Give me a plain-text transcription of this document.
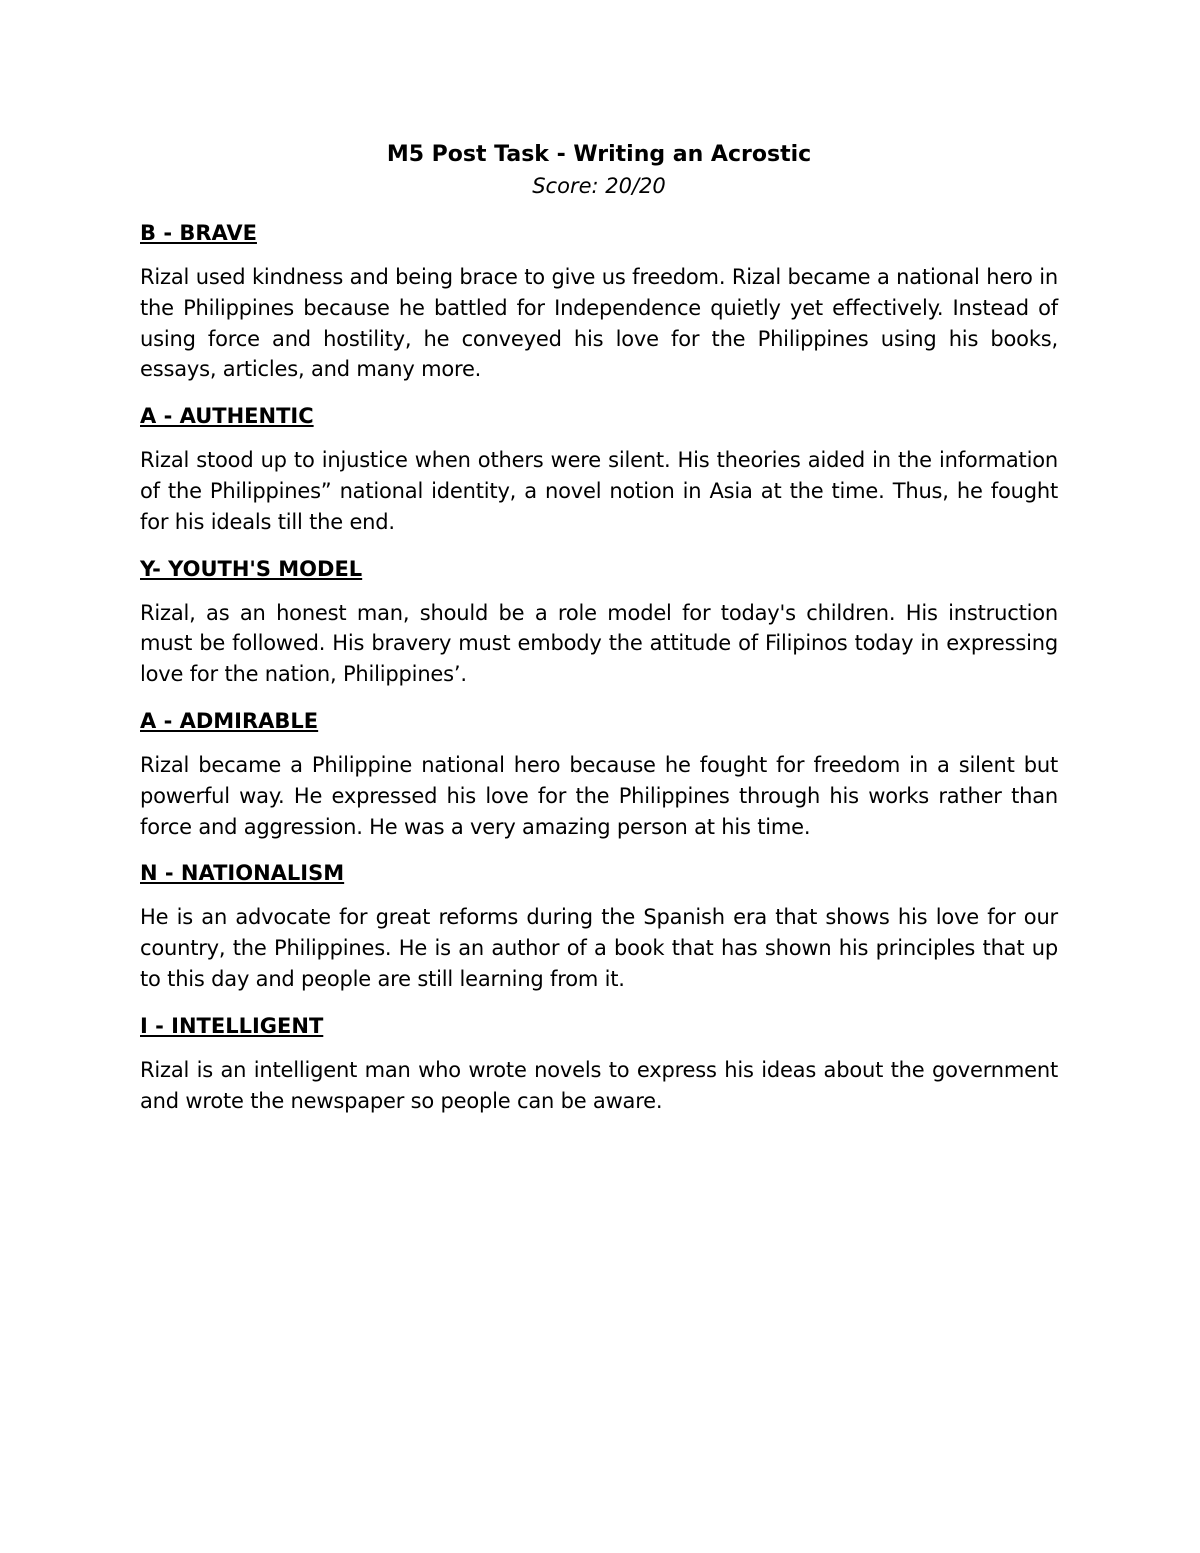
M5 Post Task - Writing an Acrostic

Score: 20/20

B - BRAVE

Rizal used kindness and being brace to give us freedom. Rizal became a national hero in the Philippines because he battled for Independence quietly yet effectively. Instead of using force and hostility, he conveyed his love for the Philippines using his books, essays, articles, and many more.

A - AUTHENTIC

Rizal stood up to injustice when others were silent. His theories aided in the information of the Philippines” national identity, a novel notion in Asia at the time. Thus, he fought for his ideals till the end.

Y- YOUTH'S MODEL

Rizal, as an honest man, should be a role model for today's children. His instruction must be followed. His bravery must embody the attitude of Filipinos today in expressing love for the nation, Philippines’.

A - ADMIRABLE

Rizal became a Philippine national hero because he fought for freedom in a silent but powerful way. He expressed his love for the Philippines through his works rather than force and aggression. He was a very amazing person at his time.

N - NATIONALISM

He is an advocate for great reforms during the Spanish era that shows his love for our country, the Philippines. He is an author of a book that has shown his principles that up to this day and people are still learning from it.

I - INTELLIGENT

Rizal is an intelligent man who wrote novels to express his ideas about the government and wrote the newspaper so people can be aware.
